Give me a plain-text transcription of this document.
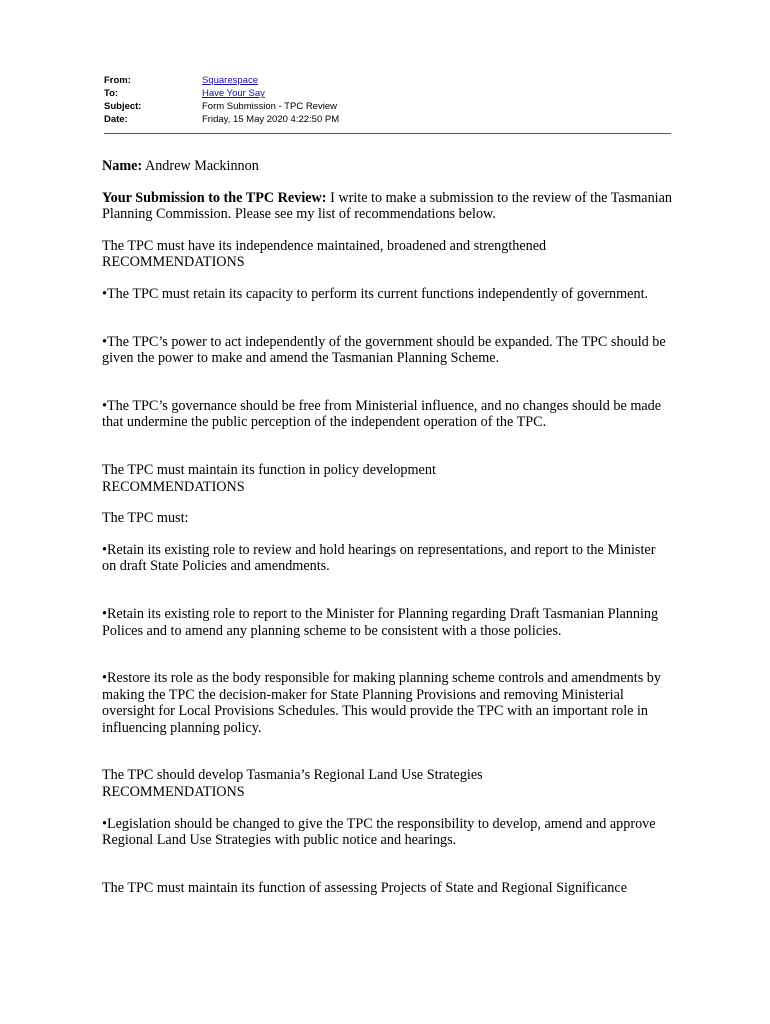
From:	Squarespace
To:	Have Your Say
Subject:	Form Submission - TPC Review
Date:	Friday, 15 May 2020 4:22:50 PM

Name: Andrew Mackinnon

Your Submission to the TPC Review: I write to make a submission to the review of the Tasmanian Planning Commission. Please see my list of recommendations below.

The TPC must have its independence maintained, broadened and strengthened

RECOMMENDATIONS

•The TPC must retain its capacity to perform its current functions independently of government.

•The TPC’s power to act independently of the government should be expanded. The TPC should be given the power to make and amend the Tasmanian Planning Scheme.

•The TPC’s governance should be free from Ministerial influence, and no changes should be made that undermine the public perception of the independent operation of the TPC.

The TPC must maintain its function in policy development

RECOMMENDATIONS

The TPC must:

•Retain its existing role to review and hold hearings on representations, and report to the Minister on draft State Policies and amendments.

•Retain its existing role to report to the Minister for Planning regarding Draft Tasmanian Planning Polices and to amend any planning scheme to be consistent with a those policies.

•Restore its role as the body responsible for making planning scheme controls and amendments by making the TPC the decision-maker for State Planning Provisions and removing Ministerial oversight for Local Provisions Schedules. This would provide the TPC with an important role in influencing planning policy.

The TPC should develop Tasmania’s Regional Land Use Strategies

RECOMMENDATIONS

•Legislation should be changed to give the TPC the responsibility to develop, amend and approve Regional Land Use Strategies with public notice and hearings.

The TPC must maintain its function of assessing Projects of State and Regional Significance
